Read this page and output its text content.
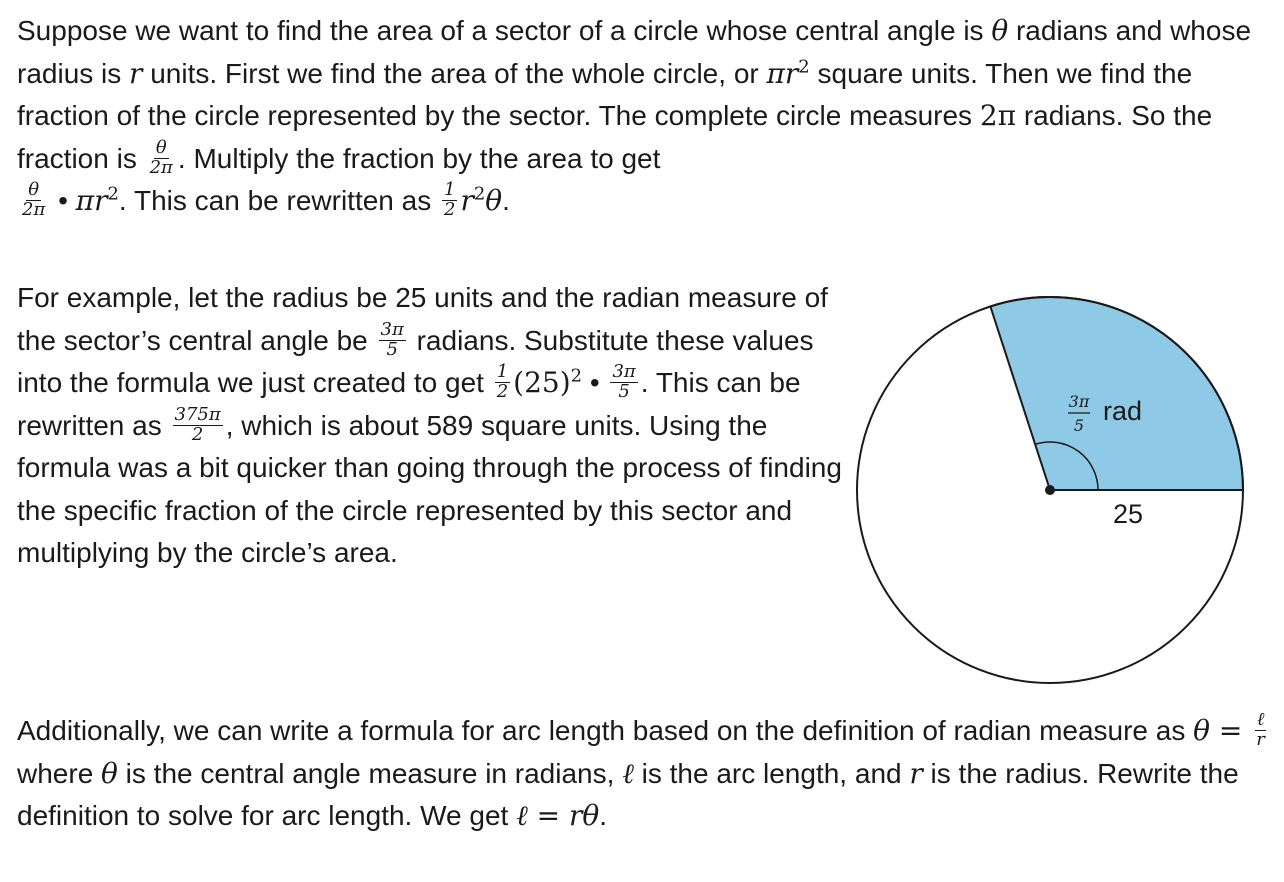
Suppose we want to find the area of a sector of a circle whose central angle is θ radians and whose radius is r units. First we find the area of the whole circle, or $\pi r^2$ square units. Then we find the fraction of the circle represented by the sector. The complete circle measures 2π radians. So the fraction is $\frac{\theta}{2\pi}$ . Multiply the fraction by the area to get

$\frac{\theta}{2\pi}$ • $\pi r^2$. This can be rewritten as $\frac{1}{2} r^2\theta$.

For example, let the radius be 25 units and the radian measure of the sector’s central angle be $\frac{3\pi}{5}$ radians. Substitute these values into the formula we just created to get $\frac{1}{2} (25)^2$ • $\frac{3\pi}{5}$ . This can be rewritten as $\frac{375\pi}{2}$ , which is about 589 square units. Using the formula was a bit quicker than going through the process of finding the specific fraction of the circle represented by this sector and multiplying by the circle’s area.

Additionally, we can write a formula for arc length based on the definition of radian measure as $\theta = \frac{\text{ℓ}}{r}$
where θ is the central angle measure in radians, ℓ is the arc length, and r is the radius. Rewrite the definition to solve for arc length. We get ℓ = rθ.

25
3π
5 rad
